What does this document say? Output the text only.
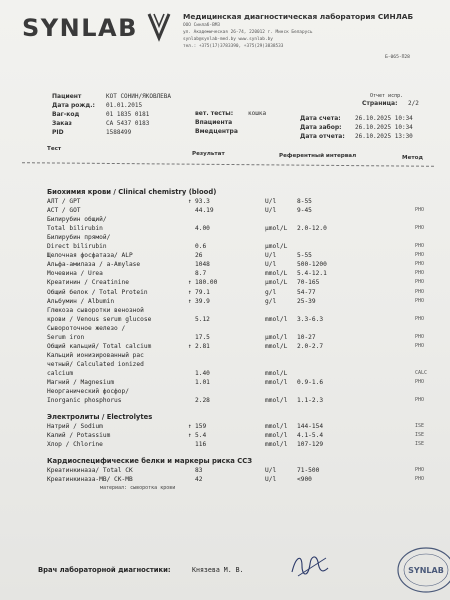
SYNLAB	Медицинская диагностическая лаборатория СИНЛАБ
ООО Синлаб-ВМЗ
ул. Академическая 26-74, 220012 г. Минск Беларусь
synlab@synlab-med.by www.synlab.by
тел.: +375(17)3783390, +375(29)3838533
Б-065-П28
Пациент	КОТ СОНИН/ЯКОВЛЕВА
Дата рожд.: 01.01.2015
Ваг-код	01 1835 0181
Заказ	CA 5437 0183
PID	1588499
вет. тесты: кошка
Впациента
Вмедцентра
Отчет испр.
Страница: 2/2
Дата счета: 26.10.2025 10:34
Дата забор: 26.10.2025 10:34
Дата отчета: 26.10.2025 13:30
Тест
Результат	Референтный интервал	Метод
Биохимия крови / Clinical chemistry (blood)
АЛТ / GPT	↑ 93.3	U/l	8-55
АСТ / GOT	44.19	U/l	9-45	PHO
Билирубин общий/
Total bilirubin	4.00	µmol/L 2.0-12.0	PHO
Билирубин прямой/
Direct bilirubin	0.6	µmol/L	PHO
Щелочная фосфатаза/ ALP	26	U/l	5-55	PHO
Альфа-амилаза / a-Amylase	1048	U/l	500-1200	PHO
Мочевина / Urea	8.7	mmol/L 5.4-12.1	PHO
Креатинин / Creatinine	↑ 180.00	µmol/L 70-165	PHO
Общий белок / Total Protein	↑ 79.1	g/l	54-77	PHO
Альбумин / Albumin	↑ 39.9	g/l	25-39	PHO
Глюкоза сыворотки венозной
крови / Venous serum glucose	5.12	mmol/l 3.3-6.3	PHO
Сывороточное железо /
Serum iron	17.5	µmol/l 10-27	PHO
Общий кальций/ Total calcium	↑ 2.81	mmol/L 2.0-2.7	PHO
Кальций ионизированный рас
четный/ Calculated ionized
calcium	1.40	mmol/L	CALC
Магний / Magnesium	1.01	mmol/l 0.9-1.6	PHO
Неорганический фосфор/
Inorganic phosphorus	2.28	mmol/l 1.1-2.3	PHO
Электролиты / Electrolytes
Натрий / Sodium	↑ 159	mmol/l 144-154	ISE
Калий / Potassium	↑ 5.4	mmol/l 4.1-5.4	ISE
Хлор / Chlorine	116	mmol/l 107-129	ISE
Кардиоспецифические белки и маркеры риска ССЗ
Креатинкиназа/ Total CK	83	U/l	71-500	PHO
Креатинкиназа-МВ/ CK-MB	42	U/l	<900	PHO
материал: сыворотка крови
Врач лабораторной диагностики:	Князева М. В.	SYNLAB
